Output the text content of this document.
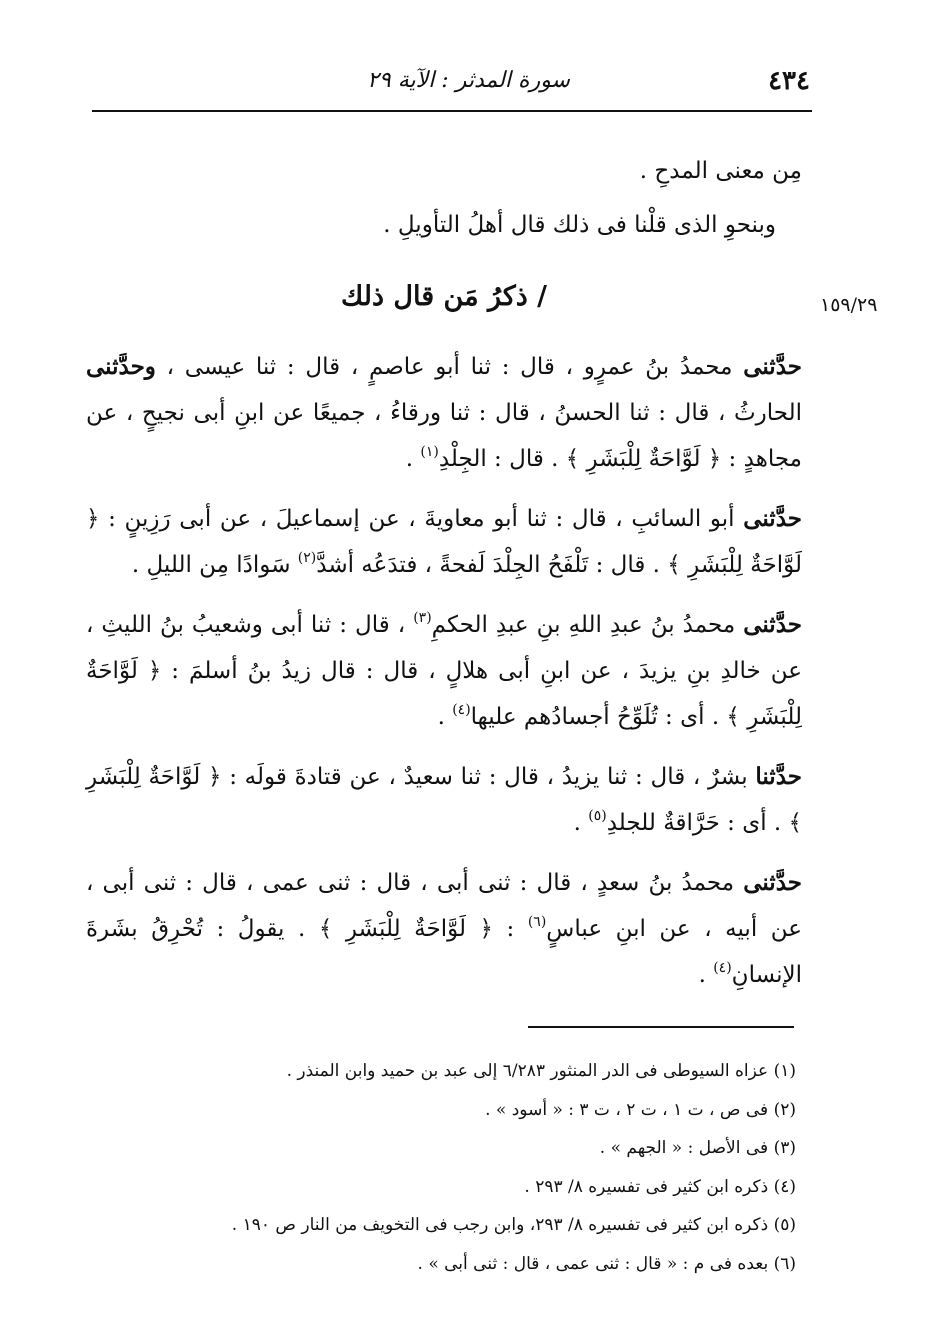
٤٣٤
سورة المدثر : الآية ٢٩
١٥٩/٢٩

مِن معنى المدحِ .

وبنحوِ الذى قلْنا فى ذلك قال أهلُ التأويلِ .

/ ذكرُ مَن قال ذلك

حدَّثنى محمدُ بنُ عمرٍو ، قال : ثنا أبو عاصمٍ ، قال : ثنا عيسى ، وحدَّثنى الحارثُ ، قال : ثنا الحسنُ ، قال : ثنا ورقاءُ ، جميعًا عن ابنِ أبى نجيحٍ ، عن مجاهدٍ : ﴿ لَوَّاحَةٌ لِلْبَشَرِ ﴾ . قال : الجِلْدِ$^{(١)}$ .

حدَّثنى أبو السائبِ ، قال : ثنا أبو معاويةَ ، عن إسماعيلَ ، عن أبى رَزِينٍ : ﴿ لَوَّاحَةٌ لِلْبَشَرِ ﴾ . قال : تَلْفَحُ الجِلْدَ لَفحةً ، فتدَعُه أشدَّ$^{(٢)}$ سَوادًا مِن الليلِ .

حدَّثنى محمدُ بنُ عبدِ اللهِ بنِ عبدِ الحكمِ$^{(٣)}$ ، قال : ثنا أبى وشعيبُ بنُ الليثِ ، عن خالدِ بنِ يزيدَ ، عن ابنِ أبى هلالٍ ، قال : قال زيدُ بنُ أسلمَ : ﴿ لَوَّاحَةٌ لِلْبَشَرِ ﴾ . أى : تُلَوِّحُ أجسادُهم عليها$^{(٤)}$ .

حدَّثنا بشرٌ ، قال : ثنا يزيدُ ، قال : ثنا سعيدٌ ، عن قتادةَ قولَه : ﴿ لَوَّاحَةٌ لِلْبَشَرِ ﴾ . أى : حَرَّاقةٌ للجلدِ$^{(٥)}$ .

حدَّثنى محمدُ بنُ سعدٍ ، قال : ثنى أبى ، قال : ثنى عمى ، قال : ثنى أبى ، عن أبيه ، عن ابنِ عباسٍ$^{(٦)}$ : ﴿ لَوَّاحَةٌ لِلْبَشَرِ ﴾ . يقولُ : تُحْرِقُ بشَرةَ الإنسانِ$^{(٤)}$ .

(١) عزاه السيوطى فى الدر المنثور ٦/٢٨٣ إلى عبد بن حميد وابن المنذر .

(٢) فى ص ، ت ١ ، ت ٢ ، ت ٣ : « أسود » .

(٣) فى الأصل : « الجهم » .

(٤) ذكره ابن كثير فى تفسيره ٨/ ٢٩٣ .

(٥) ذكره ابن كثير فى تفسيره ٨/ ٢٩٣، وابن رجب فى التخويف من النار ص ١٩٠ .

(٦) بعده فى م : « قال : ثنى عمى ، قال : ثنى أبى » .
